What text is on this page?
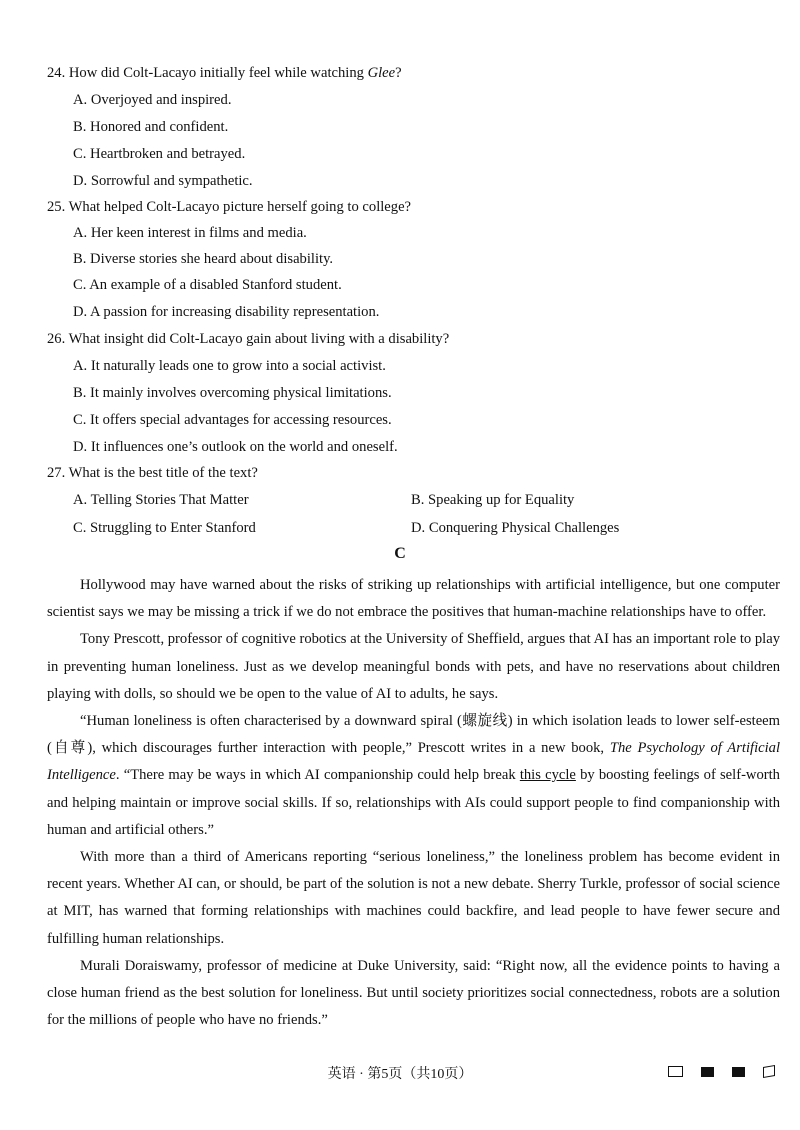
24. How did Colt-Lacayo initially feel while watching Glee?
A. Overjoyed and inspired.
B. Honored and confident.
C. Heartbroken and betrayed.
D. Sorrowful and sympathetic.
25. What helped Colt-Lacayo picture herself going to college?
A. Her keen interest in films and media.
B. Diverse stories she heard about disability.
C. An example of a disabled Stanford student.
D. A passion for increasing disability representation.
26. What insight did Colt-Lacayo gain about living with a disability?
A. It naturally leads one to grow into a social activist.
B. It mainly involves overcoming physical limitations.
C. It offers special advantages for accessing resources.
D. It influences one’s outlook on the world and oneself.
27. What is the best title of the text?
A. Telling Stories That Matter	B. Speaking up for Equality
C. Struggling to Enter Stanford	D. Conquering Physical Challenges
C

Hollywood may have warned about the risks of striking up relationships with artificial intelligence, but one computer scientist says we may be missing a trick if we do not embrace the positives that human-machine relationships have to offer.

Tony Prescott, professor of cognitive robotics at the University of Sheffield, argues that AI has an important role to play in preventing human loneliness. Just as we develop meaningful bonds with pets, and have no reservations about children playing with dolls, so should we be open to the value of AI to adults, he says.

“Human loneliness is often characterised by a downward spiral (螺旋线) in which isolation leads to lower self-esteem (自尊), which discourages further interaction with people,” Prescott writes in a new book, The Psychology of Artificial Intelligence. “There may be ways in which AI companionship could help break this cycle by boosting feelings of self-worth and helping maintain or improve social skills. If so, relationships with AIs could support people to find companionship with human and artificial others.”

With more than a third of Americans reporting “serious loneliness,” the loneliness problem has become evident in recent years. Whether AI can, or should, be part of the solution is not a new debate. Sherry Turkle, professor of social science at MIT, has warned that forming relationships with machines could backfire, and lead people to have fewer secure and fulfilling human relationships.

Murali Doraiswamy, professor of medicine at Duke University, said: “Right now, all the evidence points to having a close human friend as the best solution for loneliness. But until society prioritizes social connectedness, robots are a solution for the millions of people who have no friends.”

英语 · 第5页（共10页）
